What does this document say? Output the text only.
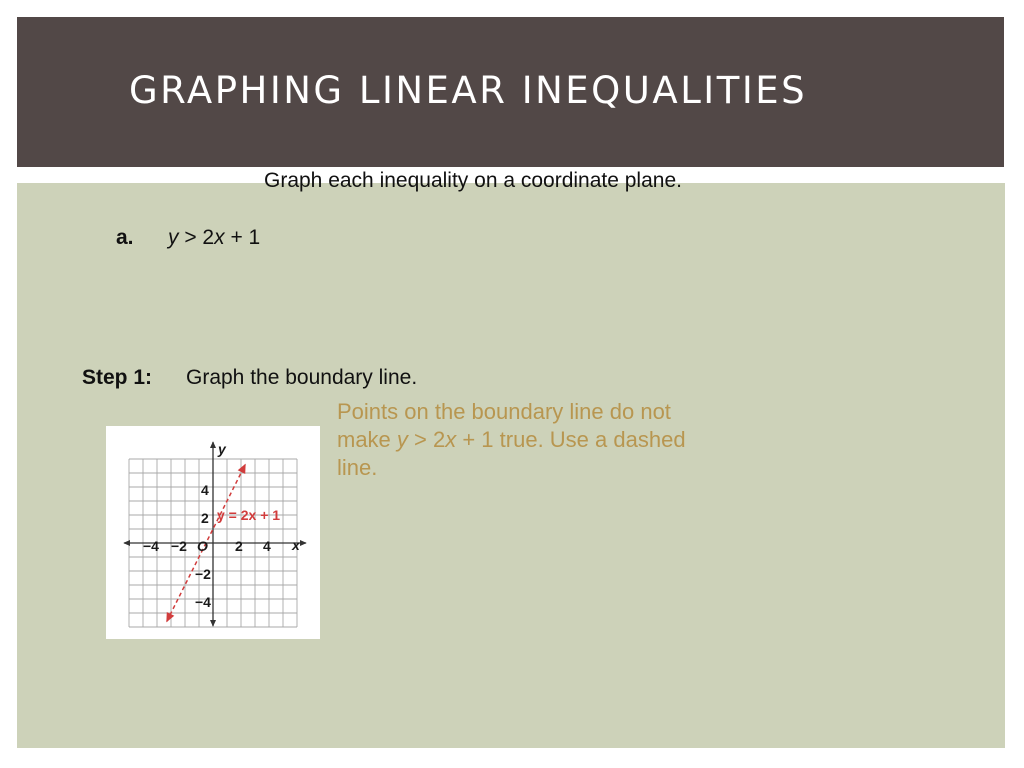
GRAPHING LINEAR INEQUALITIES

Graph each inequality on a coordinate plane.

a. y > 2x + 1
Step 1: Graph the boundary line.

Points on the boundary line do not
make y > 2x + 1 true. Use a dashed
line.

−4 −2	2 4
4
2
−2
−4
O	x
y
y = 2x + 1
